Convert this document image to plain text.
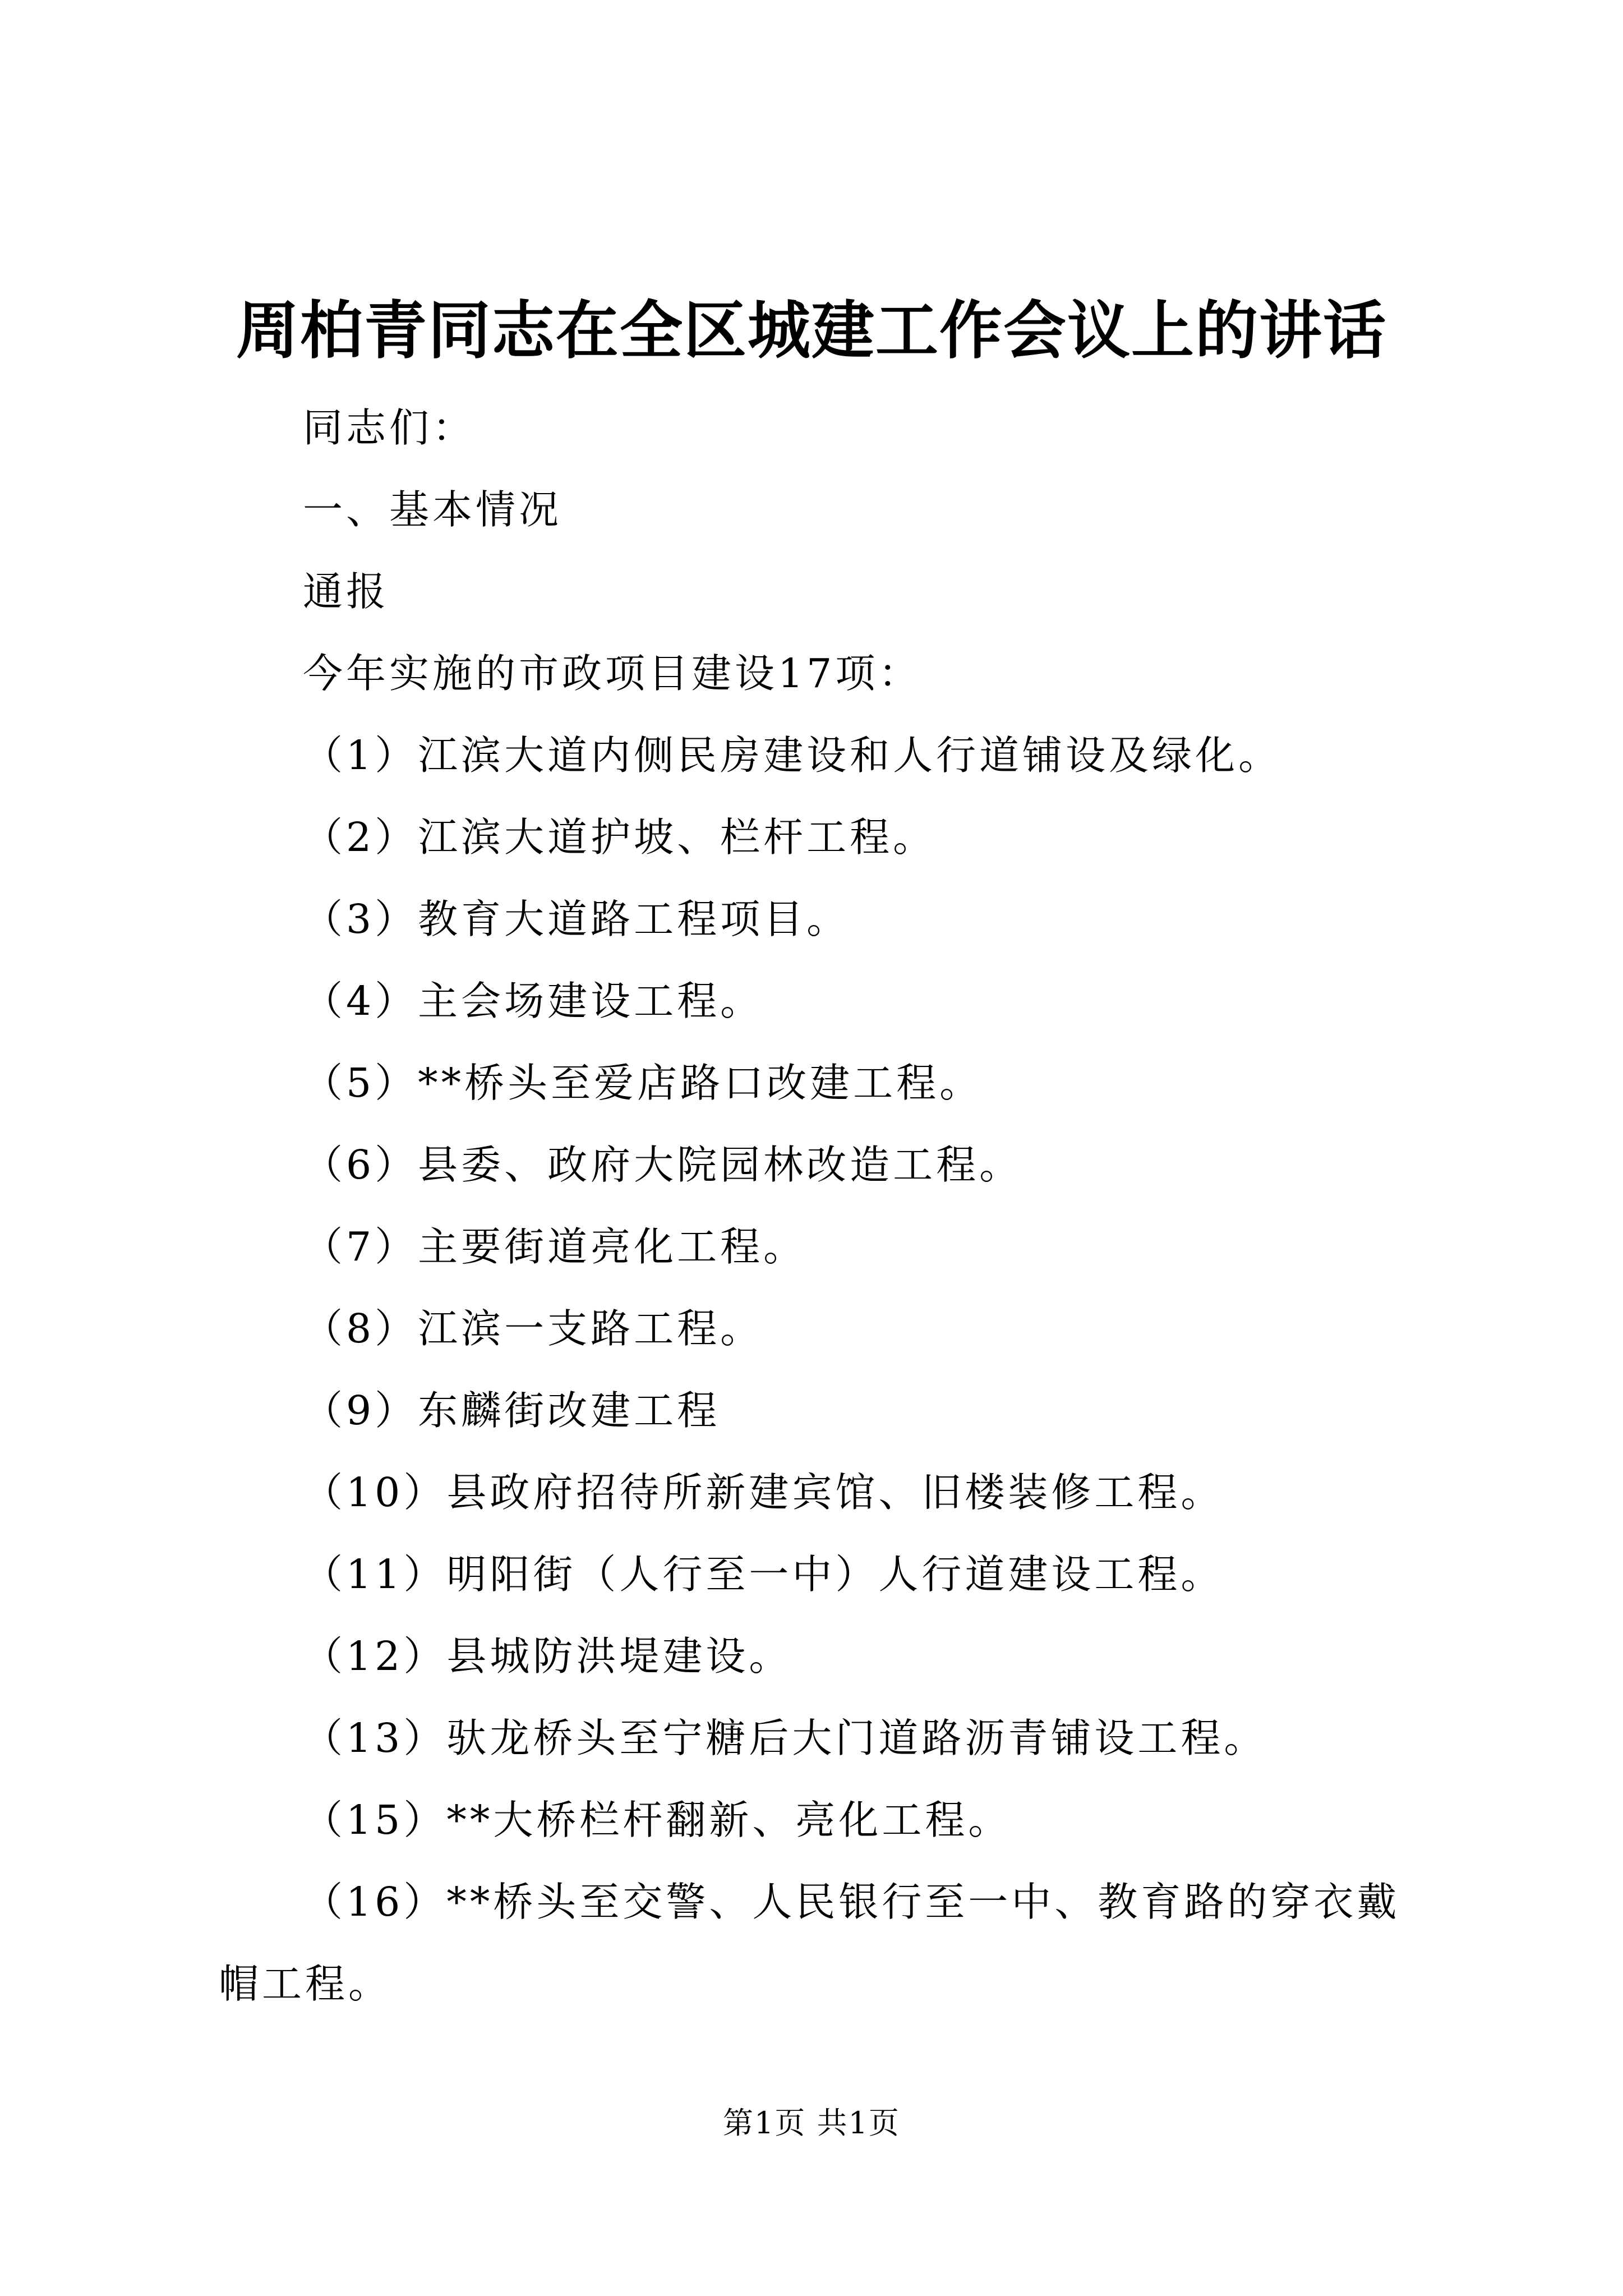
周柏青同志在全区城建工作会议上的讲话

同志们：

一、基本情况

通报

今年实施的市政项目建设17项：

（1）江滨大道内侧民房建设和人行道铺设及绿化。

（2）江滨大道护坡、栏杆工程。

（3）教育大道路工程项目。

（4）主会场建设工程。

（5）**桥头至爱店路口改建工程。

（6）县委、政府大院园林改造工程。

（7）主要街道亮化工程。

（8）江滨一支路工程。

（9）东麟街改建工程

（10）县政府招待所新建宾馆、旧楼装修工程。

（11）明阳街（人行至一中）人行道建设工程。

（12）县城防洪堤建设。

（13）驮龙桥头至宁糖后大门道路沥青铺设工程。

（15）**大桥栏杆翻新、亮化工程。

（16）**桥头至交警、人民银行至一中、教育路的穿衣戴帽工程。

第1页 共1页
